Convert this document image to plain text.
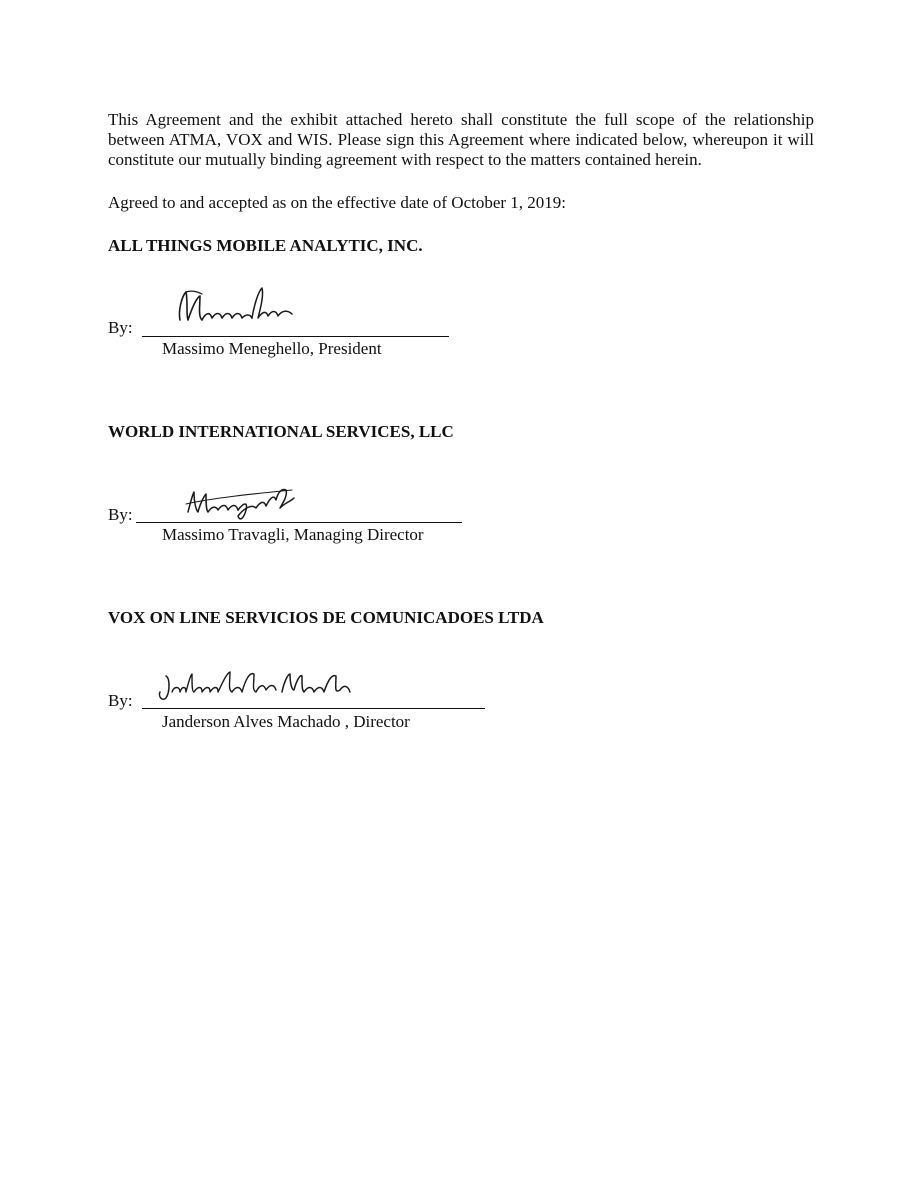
This Agreement and the exhibit attached hereto shall constitute the full scope of the relationship between ATMA, VOX and WIS. Please sign this Agreement where indicated below, whereupon it will constitute our mutually binding agreement with respect to the matters contained herein.

Agreed to and accepted as on the effective date of October 1, 2019:

ALL THINGS MOBILE ANALYTIC, INC.
By:
Massimo Meneghello, President
WORLD INTERNATIONAL SERVICES, LLC
By:
Massimo Travagli, Managing Director
VOX ON LINE SERVICIOS DE COMUNICADOES LTDA
By:
Janderson Alves Machado , Director
